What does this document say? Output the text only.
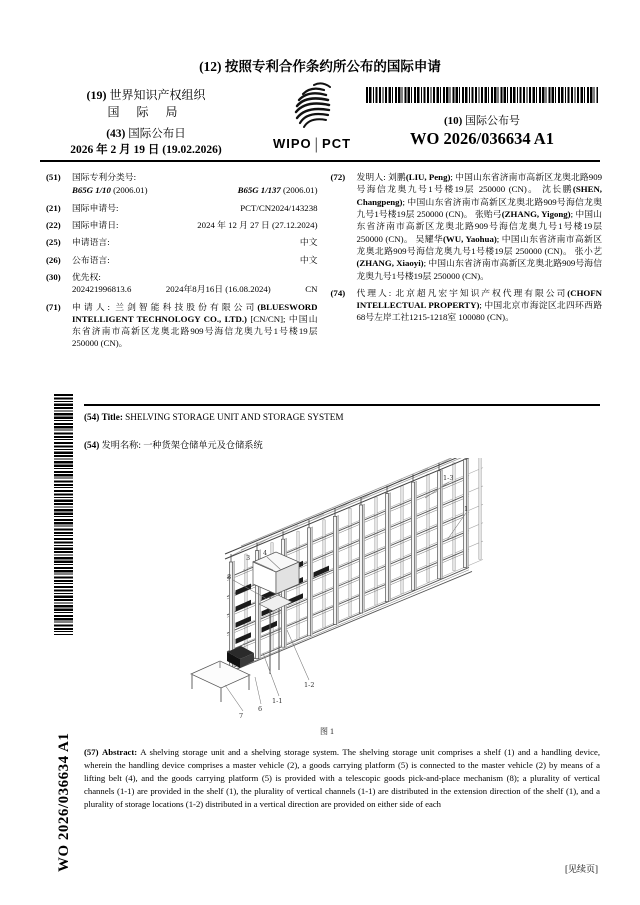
(12) 按照专利合作条约所公布的国际申请
(19) 世界知识产权组织
国 际 局
(43) 国际公布日
2026 年 2 月 19 日 (19.02.2026)	WIPO | PCT
(10) 国际公布号
WO 2026/036634 A1
(51)	国际专利分类号:
B65G 1/10 (2006.01)	B65G 1/137 (2006.01)
(21)	国际申请号:	PCT/CN2024/143238
(22)	国际申请日:	2024 年 12 月 27 日 (27.12.2024)
(25)	申请语言:	中文
(26)	公布语言:	中文
(30)	优先权:
202421996813.6	2024年8月16日 (16.08.2024)	CN
(71)	申请人: 兰剑智能科技股份有限公司(BLUESWORD INTELLIGENT TECHNOLOGY CO., LTD.) [CN/CN]; 中国山东省济南市高新区龙奥北路909号海信龙奥九号1号楼19层 250000 (CN)。
(72)	发明人: 刘鹏(LIU, Peng); 中国山东省济南市高新区龙奥北路909号海信龙奥九号1号楼19层 250000 (CN)。 沈长鹏(SHEN, Changpeng); 中国山东省济南市高新区龙奥北路909号海信龙奥九号1号楼19层 250000 (CN)。 张贻弓(ZHANG, Yigong); 中国山东省济南市高新区龙奥北路909号海信龙奥九号1号楼19层 250000 (CN)。 吴耀华(WU, Yaohua); 中国山东省济南市高新区龙奥北路909号海信龙奥九号1号楼19层 250000 (CN)。 张小艺(ZHANG, Xiaoyi); 中国山东省济南市高新区龙奥北路909号海信龙奥九号1号楼19层 250000 (CN)。
(74)	代理人: 北京超凡宏宇知识产权代理有限公司(CHOFN INTELLECTUAL PROPERTY); 中国北京市海淀区北四环西路68号左岸工社1215-1218室 100080 (CN)。
WO 2026/036634 A1
(54) Title: SHELVING STORAGE UNIT AND STORAGE SYSTEM
(54) 发明名称: 一种货架仓储单元及仓储系统
1-3
1
3
4
8
1-2
1-1
6
7
图 1
(57) Abstract: A shelving storage unit and a shelving storage system. The shelving storage unit comprises a shelf (1) and a handling device, wherein the handling device comprises a master vehicle (2), a goods carrying platform (5) is connected to the master vehicle (2) by means of a lifting belt (4), and the goods carrying platform (5) is provided with a telescopic goods pick-and-place mechanism (8); a plurality of vertical channels (1-1) are provided in the shelf (1), the plurality of vertical channels (1-1) are distributed in the extension direction of the shelf (1), and a plurality of storage locations (1-2) distributed in a vertical direction are provided on either side of each
[见续页]
